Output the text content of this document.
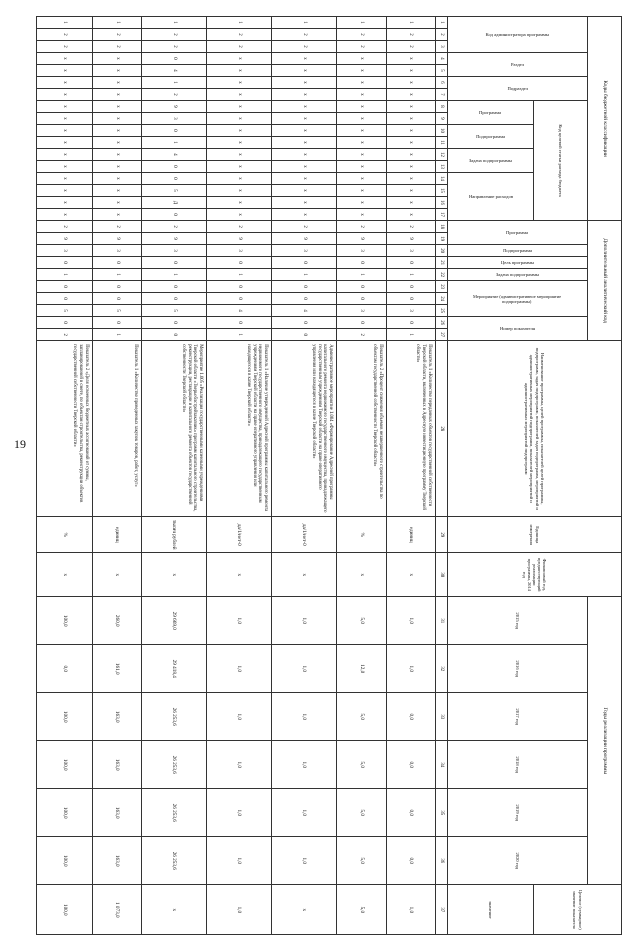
19
Коды бюджетной классификации																	Дополнительный аналитический код										Наименование программы, целей программы, показателей целей программы, подпрограмм, задач подпрограмм, показателей задач подпрограмм, мероприятий и административных мероприятий подпрограмм, показателей мероприятий и административных мероприятий подпрограмм	Единица измерения	Финансовый год, предшествующий реализации программы, 2014 год	Годы реализации программы						Целевое (суммарное) значение показателя

Код администратора программы			Раздел		Подраздел		Код целевой статьи расхода бюджета										Программа		Подпрограмма	Цель программы	Задача подпрограммы	Мероприятие (административное мероприятие подпрограммы)			Номер показателя					2015 год	2016 год	2017 год	2018 год	2019 год	2020 год	

							Программа		Подпрограмма		Задача подпрограммы		Направление расходов																							значение
1	2	3	4	5	6	7	8	9	10	11	12	13	14	15	16	17	18	19	20	21	22	23	24	25	26	27	28	29	30	31	32	33	34	35	36	37
1	2	2	x	x	x	x	x	x	x	x	x	x	x	x	x	x	2	9	3	0	1	0	0	3	0	1	Показатель 1 «Количество переданных объектов государственной собственности Тверской области, включенных в Адресную инвестиционную программу Тверской области»	единиц	x	1,0	1,0	0,0	0,0	0,0	0,0	1,0
1	2	2	x	x	x	x	x	x	x	x	x	x	x	x	x	x	2	9	3	0	1	0	0	3	0	2	Показатель 2 «Процент снижения объемов незавершенного строительства по объектам государственной собственности Тверской области»	%	x	5,0	12,0	5,0	5,0	5,0	5,0	5,0
1	2	2	x	x	x	x	x	x	x	x	x	x	x	x	x	x	2	9	3	0	1	0	0	4	0	0	Административное мероприятие 1.004 «Формирование Адресной программы капитального ремонта недвижимого государственного имущества, принадлежащего государственным учреждениям Тверской области на праве оперативного управления или находящегося в казне Тверской области»	да/1/нет-0	x	1,0	1,0	1,0	1,0	1,0	1,0	x
1	2	2	x	x	x	x	x	x	x	x	x	x	x	x	x	x	2	9	3	0	1	0	0	4	0	1	Показатель 1 «Наличие утвержденной Адресной программы капитального ремонта недвижимого государственного имущества, принадлежащего государственным учреждениям Тверской области на праве оперативного управления или находящегося в казне Тверской области»	да/1/нет-0	x	1,0	1,0	1,0	1,0	1,0	1,0	1,0
1	2	2	0	4	1	2	9	3	0	1	4	0	0	5	Д	0	2	9	3	0	1	0	0	5	0	0	Мероприятие 1.005 «Реализация государственными казенными учреждениями Тверской области «Тверьоблстройзаказчик» программ капитального строительства, реконструкции, реставрации и капитального ремонта объектов государственной собственности Тверской области»	тысяч рублей	x	29 669,0	29 418,4	26 253,6	26 253,6	26 253,6	26 253,6	x
1	2	2	x	x	x	x	x	x	x	x	x	x	x	x	x	x	2	9	3	0	1	0	0	5	0	1	Показатель 1 «Количество проведенных закупок товаров, работ, услуг»	единиц	x	260,0	161,0	163,0	163,0	163,0	163,0	1 073,0
1	2	2	x	x	x	x	x	x	x	x	x	x	x	x	x	x	2	9	3	0	1	0	0	5	0	2	Показатель 2 «Доля освоенных бюджетных ассигнований от суммы, запланированной в смете, по объектам строительства, реконструкции объектов государственной собственности Тверской области»	%	x	100,0	0,0	100,0	100,0	100,0	100,0	100,0
